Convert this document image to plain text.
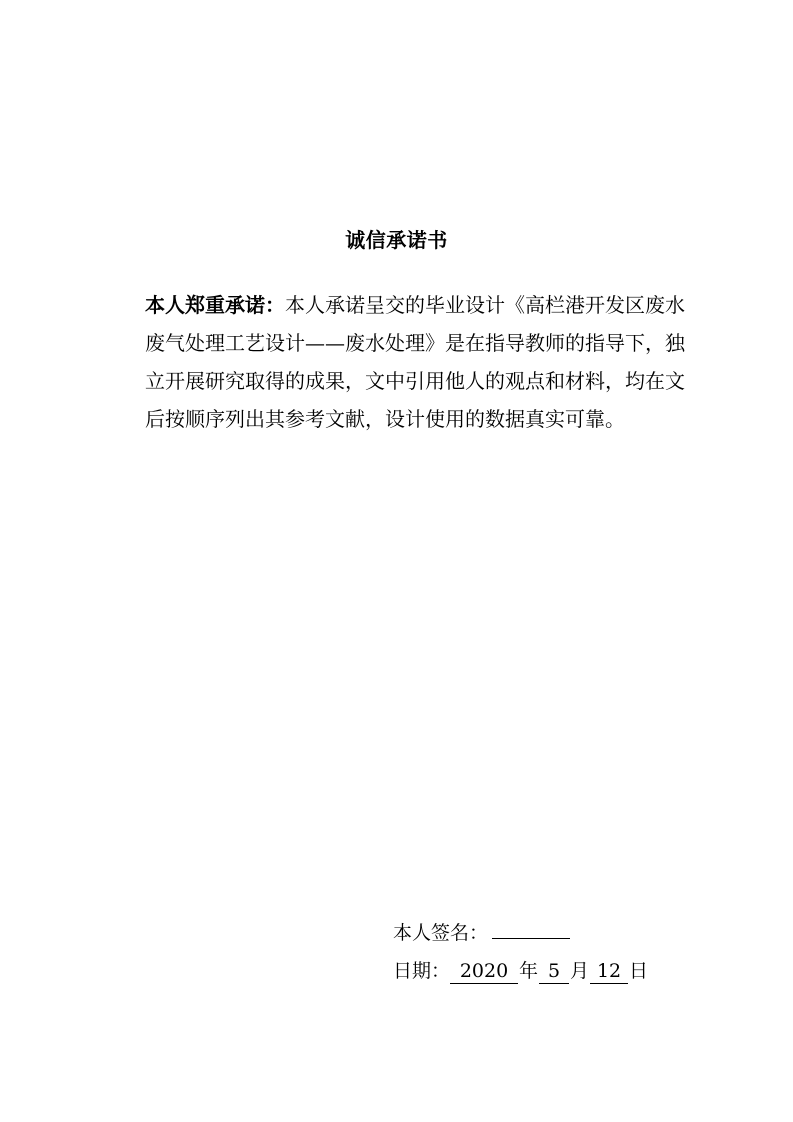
诚信承诺书
本人郑重承诺：本人承诺呈交的毕业设计《高栏港开发区废水
废气处理工艺设计——废水处理》是在指导教师的指导下，独
立开展研究取得的成果，文中引用他人的观点和材料，均在文
后按顺序列出其参考文献，设计使用的数据真实可靠。
本人签名：
日期： 2020 年 5 月 12 日
